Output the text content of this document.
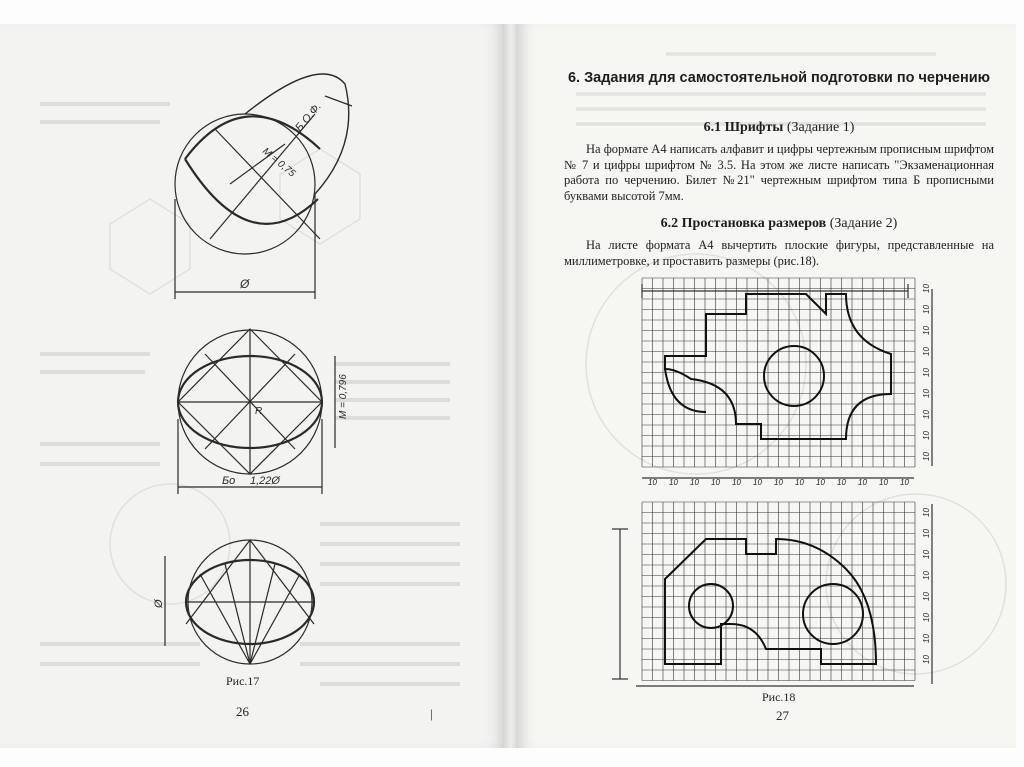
Б.О.Ф.
М = 0,75
Ø
М = 0,796
R
Бо 1,22Ø
Ø
Рис.17
26	|
6. Задания для самостоятельной подготовки по черчению

6.1 Шрифты (Задание 1)

На формате А4 написать алфавит и цифры чертежным прописным шрифтом № 7 и цифры шрифтом № 3.5. На этом же листе написать "Экзаменационная работа по черчению. Билет №21" чертежным шрифтом типа Б прописными буквами высотой 7мм.

6.2 Простановка размеров (Задание 2)

На листе формата А4 вычертить плоские фигуры, представленные на миллиметровке, и проставить размеры (рис.18).

10 10 10 10 10 10 10 10 10 10 10 10 10
10
10
10
10
10
10
10
10
10
10
10
10
10
10
10
10
10
Рис.18
27
